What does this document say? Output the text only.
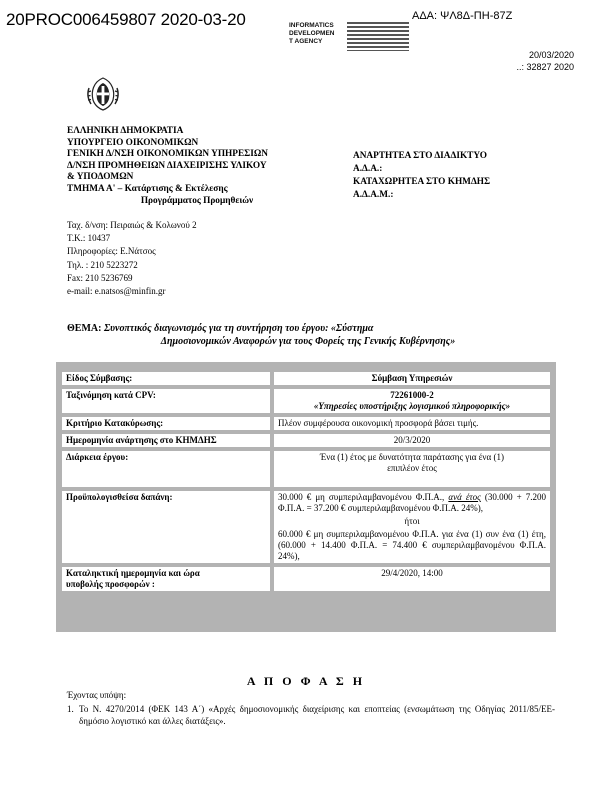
20PROC006459807 2020-03-20	ΑΔΑ: ΨΛ8Δ-ΠΗ-87Ζ
INFORMATICS
DEVELOPMEN
T AGENCY
20/03/2020
..: 32827 2020
ΕΛΛΗΝΙΚΗ ΔΗΜΟΚΡΑΤΙΑ
ΥΠΟΥΡΓΕΙΟ ΟΙΚΟΝΟΜΙΚΩΝ
ΓΕΝΙΚΗ Δ/ΝΣΗ ΟΙΚΟΝΟΜΙΚΩΝ ΥΠΗΡΕΣΙΩΝ
Δ/ΝΣΗ ΠΡΟΜΗΘΕΙΩΝ ΔΙΑΧΕΙΡΙΣΗΣ ΥΛΙΚΟΥ
& ΥΠΟΔΟΜΩΝ
ΤΜΗΜΑ Α' – Κατάρτισης & Εκτέλεσης
Προγράμματος Προμηθειών
Ταχ. δ/νση: Πειραιώς & Κολωνού 2
Τ.Κ.: 10437
Πληροφορίες: Ε.Νάτσος
Τηλ. : 210 5223272
Fax: 210 5236769
e-mail: e.natsos@minfin.gr
ΑΝΑΡΤΗΤΕΑ ΣΤΟ ΔΙΑΔΙΚΤΥΟ
Α.Δ.Α.:
ΚΑΤΑΧΩΡΗΤΕΑ ΣΤΟ ΚΗΜΔΗΣ
Α.Δ.Α.Μ.:
ΘΕΜΑ: Συνοπτικός διαγωνισμός για τη συντήρηση του έργου: «Σύστημα
Δημοσιονομικών Αναφορών για τους Φορείς της Γενικής Κυβέρνησης»
Είδος Σύμβασης:		Σύμβαση Υπηρεσιών

Ταξινόμηση κατά CPV:		72261000-2
«Υπηρεσίες υποστήριξης λογισμικού πληροφορικής»

Κριτήριο Κατακύρωσης:		Πλέον συμφέρουσα οικονομική προσφορά βάσει τιμής.
Ημερομηνία ανάρτησης στο ΚΗΜΔΗΣ		20/3/2020

Διάρκεια έργου:		Ένα (1) έτος με δυνατότητα παράτασης για ένα (1)
επιπλέον έτος

Προϋπολογισθείσα δαπάνη:		30.000 € μη συμπεριλαμβανομένου Φ.Π.Α., ανά έτος (30.000 + 7.200 Φ.Π.Α. = 37.200 € συμπεριλαμβανομένου Φ.Π.Α. 24%),
ήτοι
60.000 € μη συμπεριλαμβανομένου Φ.Π.Α. για ένα (1) συν ένα (1) έτη, (60.000 + 14.400 Φ.Π.Α. = 74.400 € συμπεριλαμβανομένου Φ.Π.Α. 24%),

Καταληκτική ημερομηνία και ώρα
υποβολής προσφορών :		29/4/2020, 14:00
Α Π Ο Φ Α Σ Η
Έχοντας υπόψη:
1. Το Ν. 4270/2014 (ΦΕΚ 143 Α΄) «Αρχές δημοσιονομικής διαχείρισης και εποπτείας (ενσωμάτωση της Οδηγίας 2011/85/ΕΕ-δημόσιο λογιστικό και άλλες διατάξεις».
